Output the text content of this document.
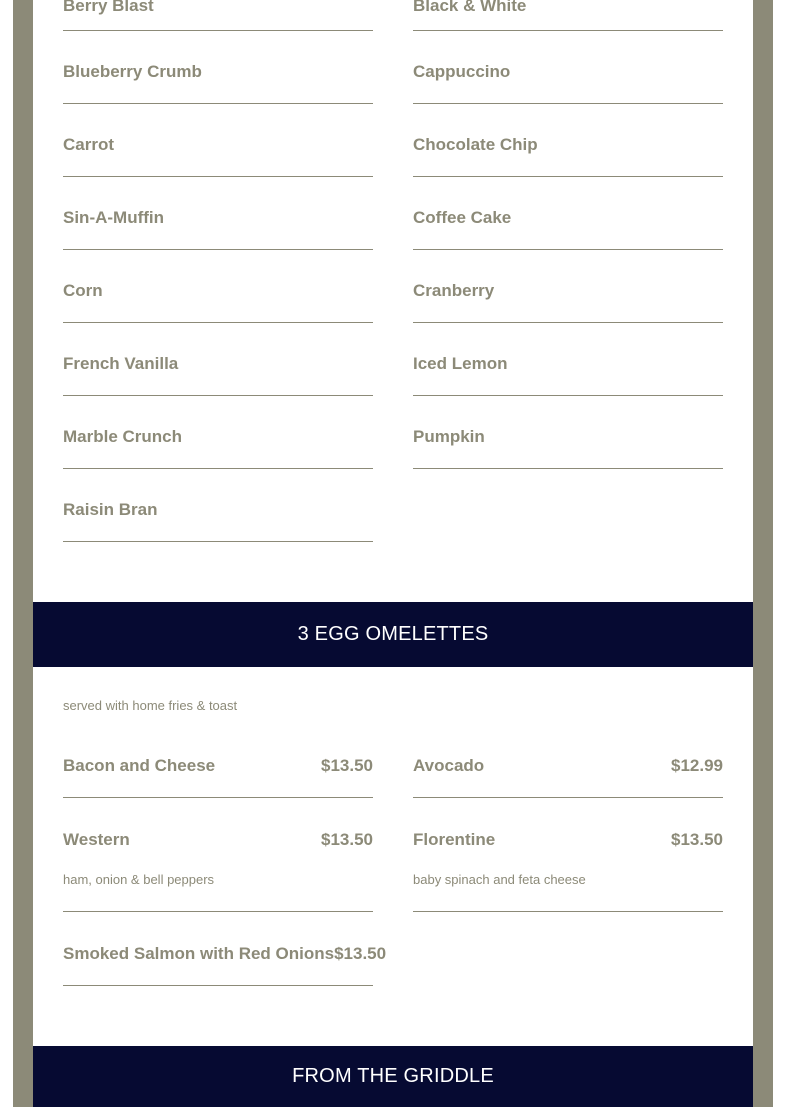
Berry Blast
Blueberry Crumb
Carrot
Sin-A-Muffin
Corn
French Vanilla
Marble Crunch
Raisin Bran
Black & White
Cappuccino
Chocolate Chip
Coffee Cake
Cranberry
Iced Lemon
Pumpkin
3 EGG OMELETTES
served with home fries & toast
Bacon and Cheese	$13.50 Avocado	$12.99
Western	$13.50
ham, onion & bell peppers
Florentine	$13.50
baby spinach and feta cheese
Smoked Salmon with Red Onions $13.50
FROM THE GRIDDLE
